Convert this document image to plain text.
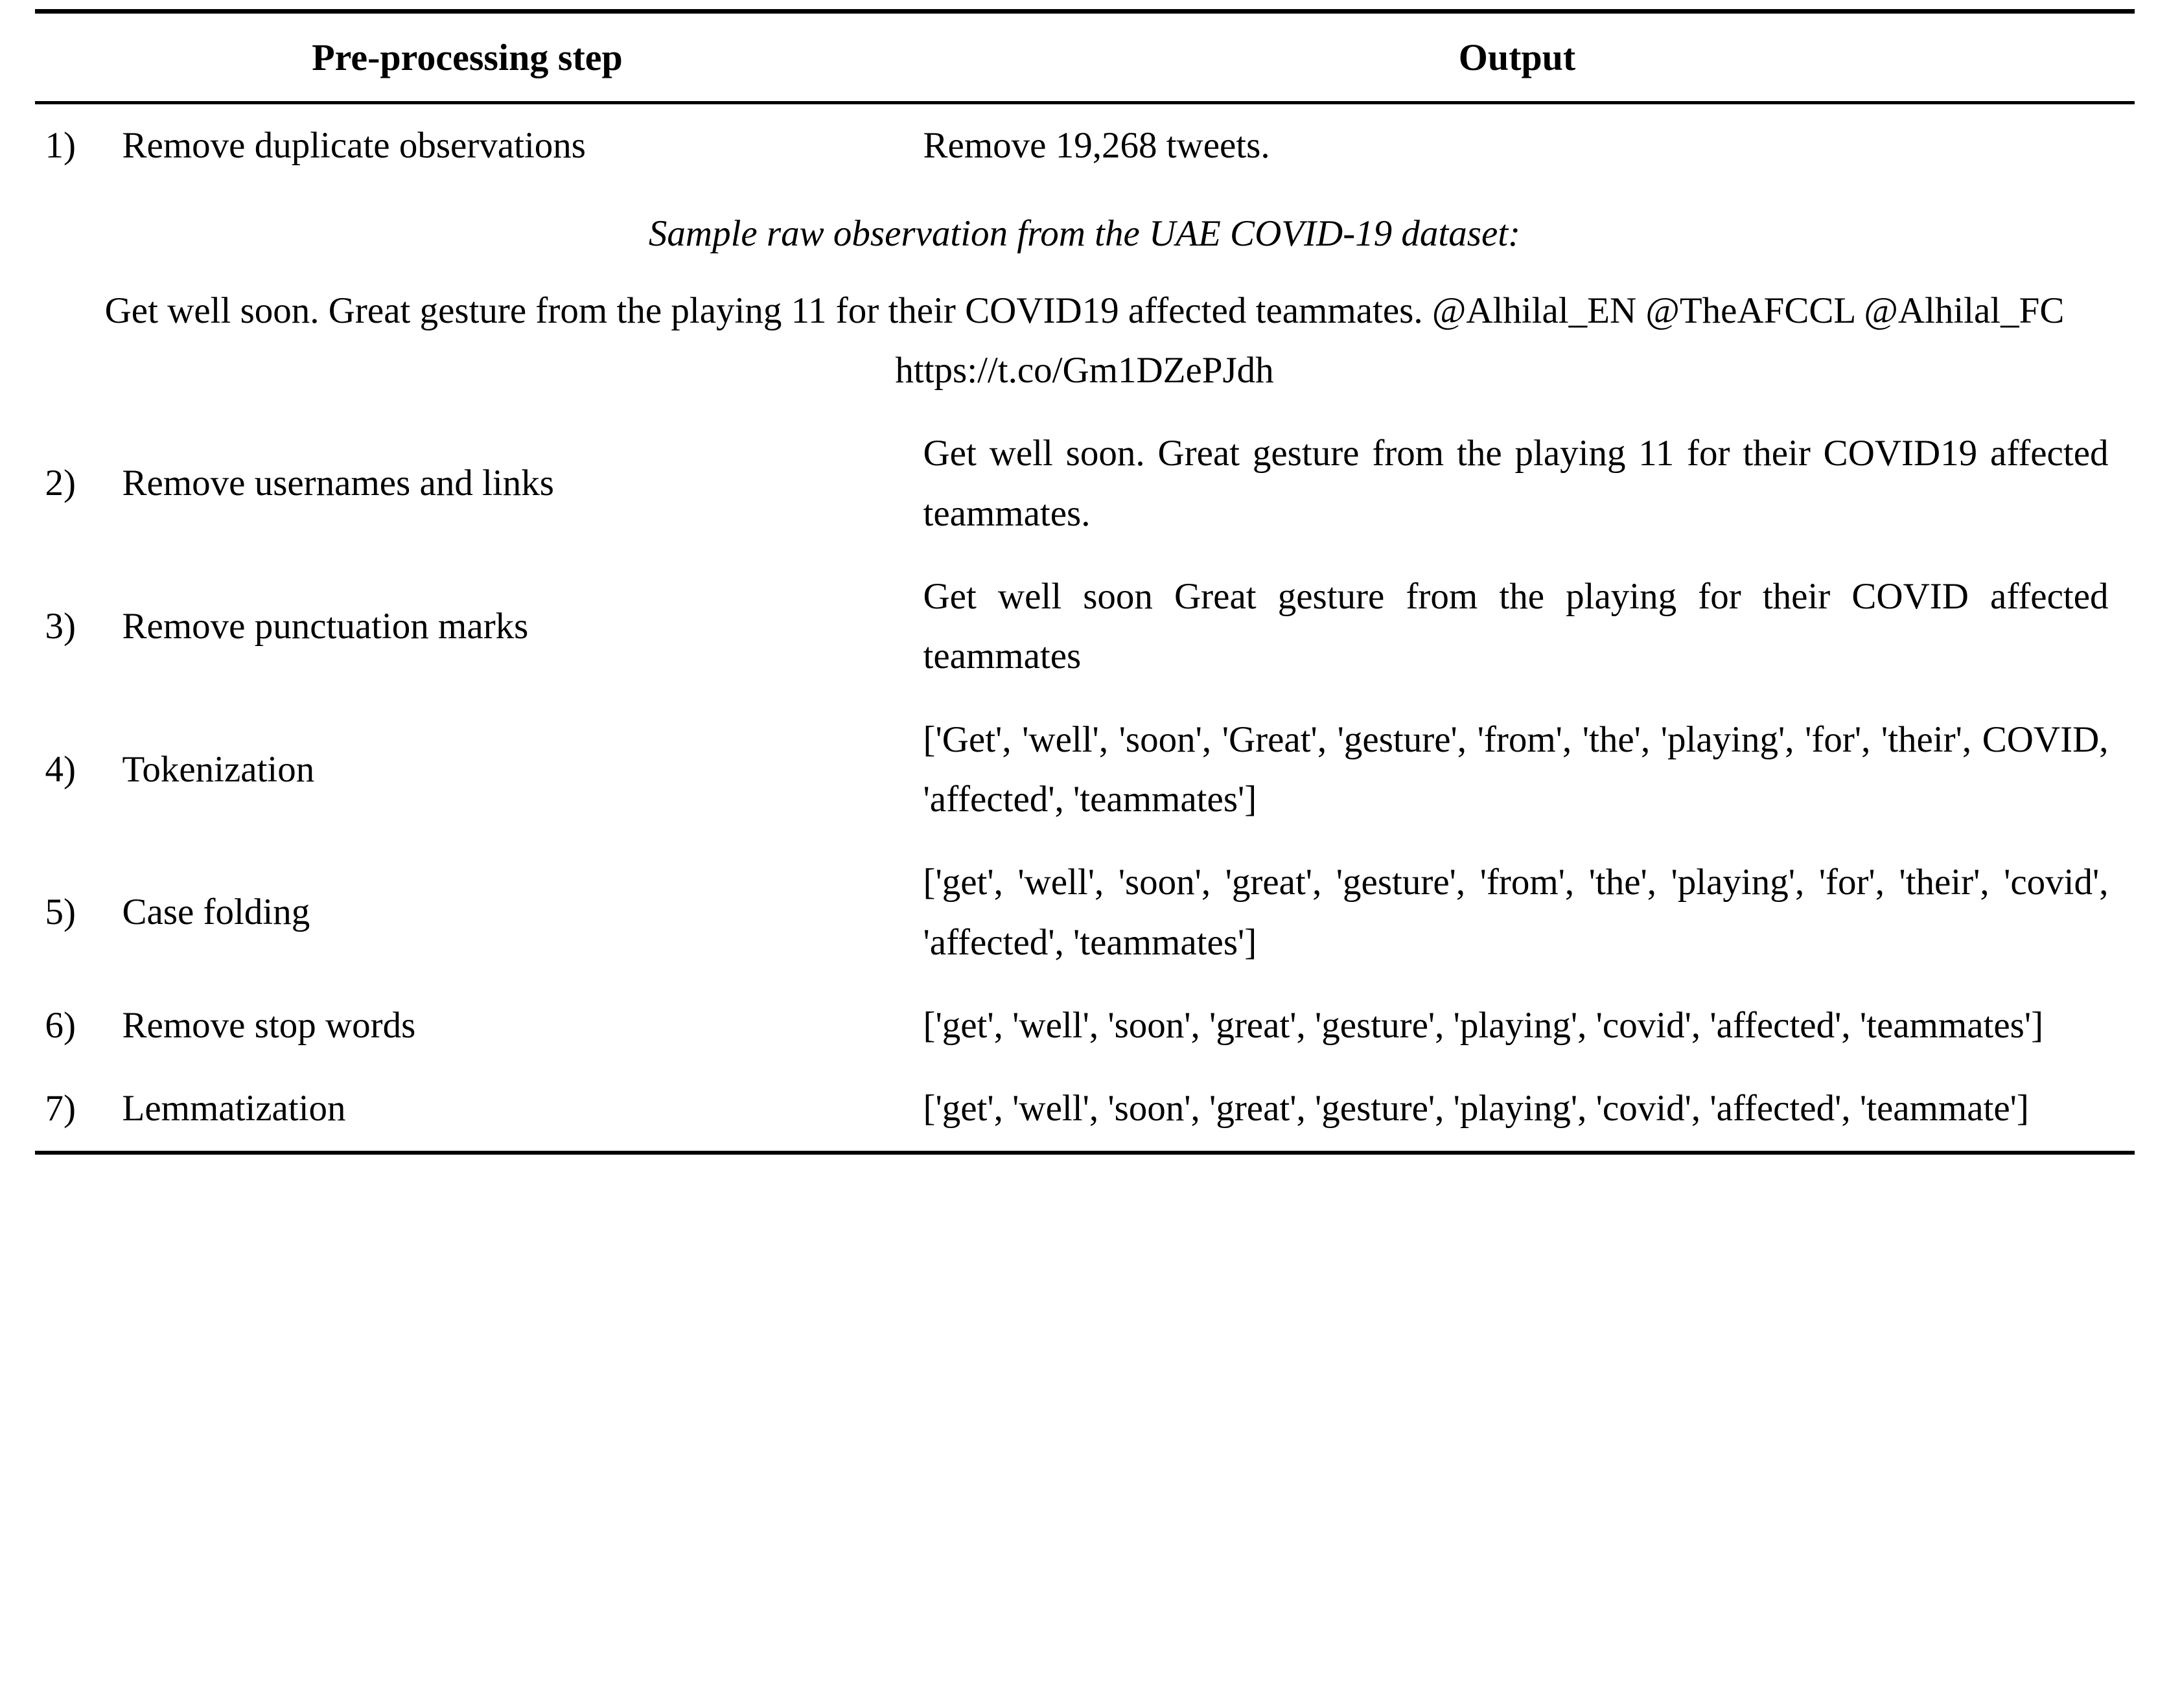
Pre-processing step	Output
1)	Remove duplicate observations	Remove 19,268 tweets.

Sample raw observation from the UAE COVID-19 dataset:
Get well soon. Great gesture from the playing 11 for their COVID19 affected teammates. @Alhilal_EN @TheAFCCL @Alhilal_FC https://t.co/Gm1DZePJdh		

2)	Remove usernames and links	Get well soon. Great gesture from the playing 11 for their COVID19 affected teammates.
3)	Remove punctuation marks	Get well soon Great gesture from the playing for their COVID affected teammates
4)	Tokenization	['Get', 'well', 'soon', 'Great', 'gesture', 'from', 'the', 'playing', 'for', 'their', COVID, 'affected', 'teammates']
5)	Case folding	['get', 'well', 'soon', 'great', 'gesture', 'from', 'the', 'playing', 'for', 'their', 'covid', 'affected', 'teammates']
6)	Remove stop words	['get', 'well', 'soon', 'great', 'gesture', 'playing', 'covid', 'affected', 'teammates']
7)	Lemmatization	['get', 'well', 'soon', 'great', 'gesture', 'playing', 'covid', 'affected', 'teammate']
